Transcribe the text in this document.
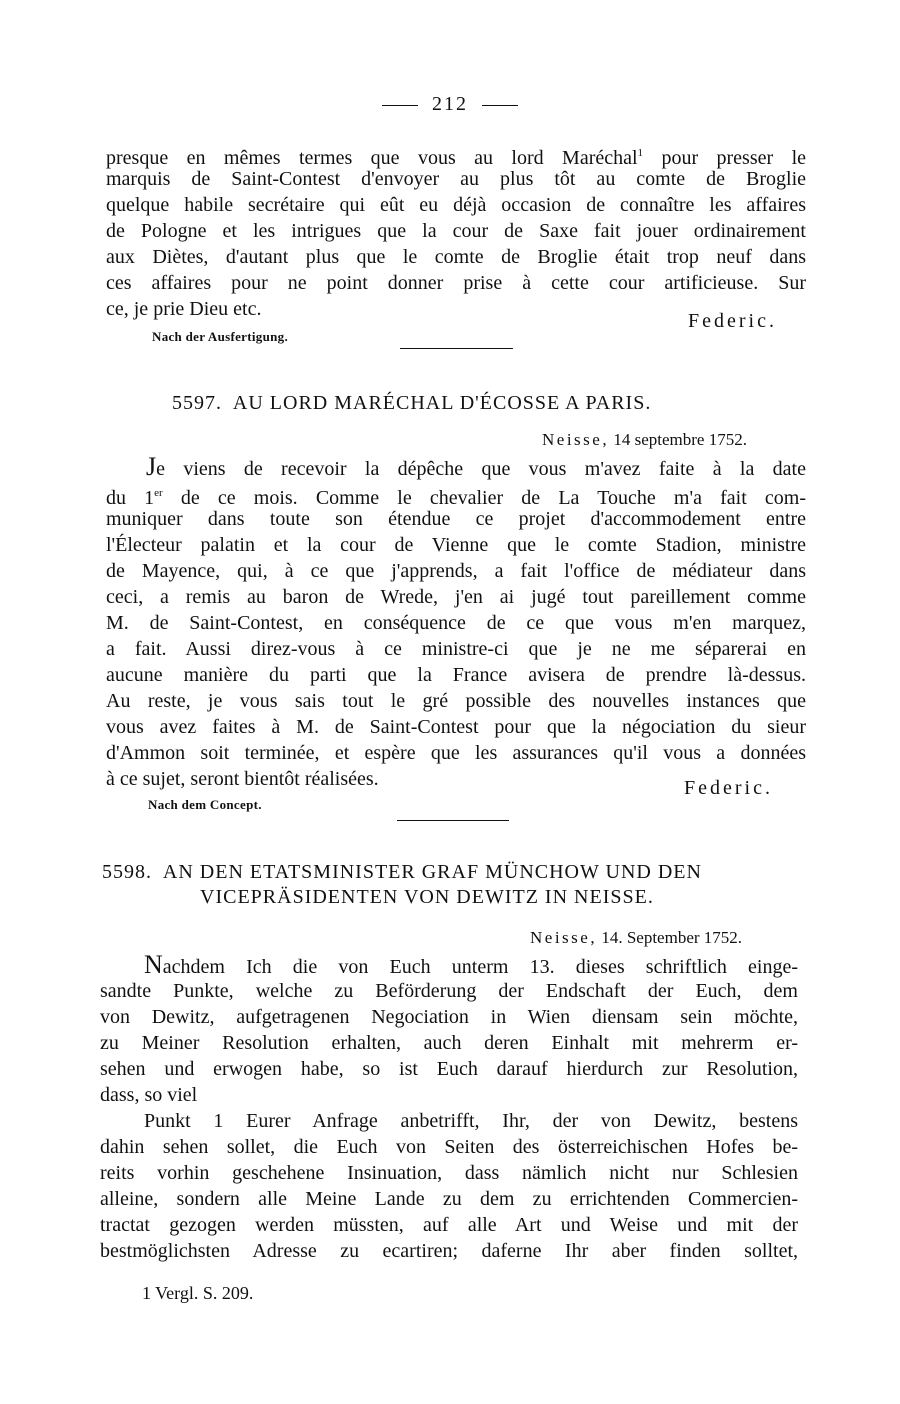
212
presque en mêmes termes que vous au lord Maréchal$^1$ pour presser le
marquis de Saint-Contest d'envoyer au plus tôt au comte de Broglie
quelque habile secrétaire qui eût eu déjà occasion de connaître les affaires
de Pologne et les intrigues que la cour de Saxe fait jouer ordinairement
aux Diètes, d'autant plus que le comte de Broglie était trop neuf dans
ces affaires pour ne point donner prise à cette cour artificieuse. Sur
ce, je prie Dieu etc.
Federic.
Nach der Ausfertigung.
5597. AU LORD MARÉCHAL D'ÉCOSSE A PARIS.
Neisse, 14 septembre 1752.
Je viens de recevoir la dépêche que vous m'avez faite à la date
du 1er de ce mois. Comme le chevalier de La Touche m'a fait com-
muniquer dans toute son étendue ce projet d'accommodement entre
l'Électeur palatin et la cour de Vienne que le comte Stadion, ministre
de Mayence, qui, à ce que j'apprends, a fait l'office de médiateur dans
ceci, a remis au baron de Wrede, j'en ai jugé tout pareillement comme
M. de Saint-Contest, en conséquence de ce que vous m'en marquez,
a fait. Aussi direz-vous à ce ministre-ci que je ne me séparerai en
aucune manière du parti que la France avisera de prendre là-dessus.
Au reste, je vous sais tout le gré possible des nouvelles instances que
vous avez faites à M. de Saint-Contest pour que la négociation du sieur
d'Ammon soit terminée, et espère que les assurances qu'il vous a données
à ce sujet, seront bientôt réalisées.	Federic.
Nach dem Concept.
5598. AN DEN ETATSMINISTER GRAF MÜNCHOW UND DEN
VICEPRÄSIDENTEN VON DEWITZ IN NEISSE.
Neisse, 14. September 1752.
Nachdem Ich die von Euch unterm 13. dieses schriftlich einge-
sandte Punkte, welche zu Beförderung der Endschaft der Euch, dem
von Dewitz, aufgetragenen Negociation in Wien diensam sein möchte,
zu Meiner Resolution erhalten, auch deren Einhalt mit mehrerm er-
sehen und erwogen habe, so ist Euch darauf hierdurch zur Resolution,
dass, so viel
Punkt 1 Eurer Anfrage anbetrifft, Ihr, der von Dewitz, bestens
dahin sehen sollet, die Euch von Seiten des österreichischen Hofes be-
reits vorhin geschehene Insinuation, dass nämlich nicht nur Schlesien
alleine, sondern alle Meine Lande zu dem zu errichtenden Commercien-
tractat gezogen werden müssten, auf alle Art und Weise und mit der
bestmöglichsten Adresse zu ecartiren; daferne Ihr aber finden solltet,
1 Vergl. S. 209.
